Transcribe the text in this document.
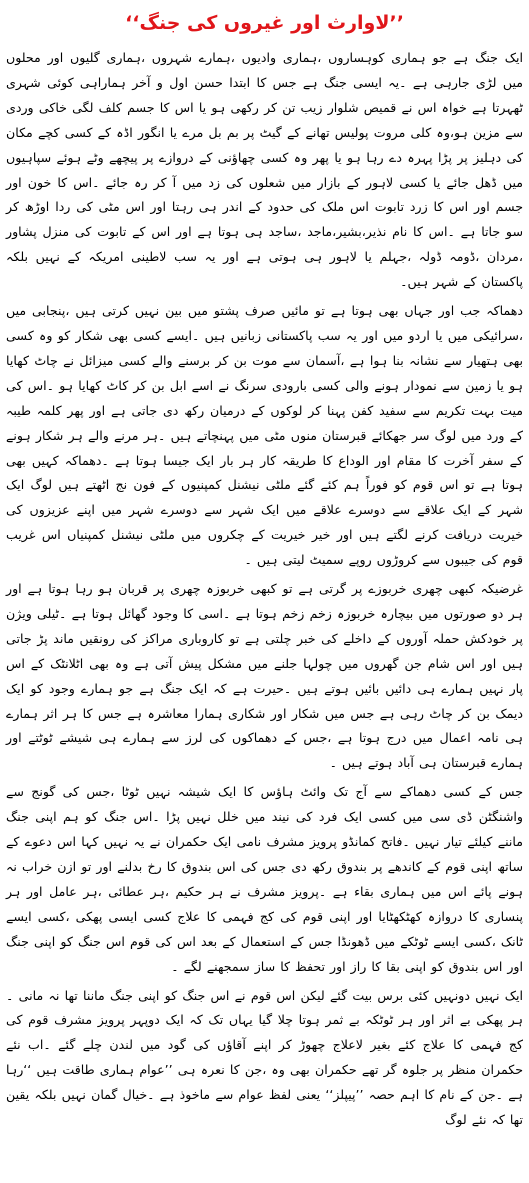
’’لاوارث اور غیروں کی جنگ‘‘

ایک جنگ ہے جو ہماری کوہساروں ،ہماری وادیوں ،ہمارے شہروں ،ہماری گلیوں اور محلوں میں لڑی جارہی ہے ۔یہ ایسی جنگ ہے جس کا ابتدا حسن اول و آخر ہماراہی کوئی شہری ٹھہرتا ہے خواہ اس نے قمیص شلوار زیب تن کر رکھی ہو یا اس کا جسم کلف لگی خاکی وردی سے مزین ہو،وہ کلی مروت پولیس تھانے کے گیٹ پر بم بل مرے یا انگور اڈہ کے کسی کچے مکان کی دہلیز پر پڑا پہرہ دے رہا ہو یا پھر وہ کسی چھاؤنی کے دروازے پر پیچھے وٹے ہوئے سپاہیوں میں ڈھل جائے یا کسی لاہور کے بازار میں شعلوں کی زد میں آ کر رہ جائے ۔اس کا خون اور جسم اور اس کا زرد تابوت اس ملک کی حدود کے اندر ہی رہتا اور اس مٹی کی ردا اوڑھ کر سو جاتا ہے ۔اس کا نام نذیر،بشیر،ماجد ،ساجد ہی ہوتا ہے اور اس کے تابوت کی منزل پشاور ،مردان ،ڈومہ ڈولہ ،جہلم یا لاہور ہی ہوتی ہے اور یہ سب لاطینی امریکہ کے نہیں بلکہ پاکستان کے شہر ہیں۔

دھماکہ جب اور جہاں بھی ہوتا ہے تو مائیں صرف پشتو میں بین نہیں کرتی ہیں ،پنجابی میں ،سرائیکی میں یا اردو میں اور یہ سب پاکستانی زبانیں ہیں ۔ایسے کسی بھی شکار کو وہ کسی بھی ہتھیار سے نشانہ بنا ہوا ہے ،آسمان سے موت بن کر برسنے والے کسی میزائل نے چاٹ کھایا ہو یا زمین سے نمودار ہونے والی کسی بارودی سرنگ نے اسے ابل بن کر کاٹ کھایا ہو ۔اس کی میت بہت تکریم سے سفید کفن پہنا کر لوکوں کے درمیان رکھ دی جاتی ہے اور پھر کلمہ طیبہ کے ورد میں لوگ سر جھکائے قبرستان منوں مٹی میں پہنچاتے ہیں ۔ہر مرنے والے ہر شکار ہونے کے سفر آخرت کا مقام اور الوداع کا طریقہ کار ہر بار ایک جیسا ہوتا ہے ۔دھماکہ کہیں بھی ہوتا ہے تو اس قوم کو فوراً ہم کئے گئے ملٹی نیشنل کمپنیوں کے فون نج اٹھتے ہیں لوگ ایک شہر کے ایک علاقے سے دوسرے علاقے میں ایک شہر سے دوسرے شہر میں اپنے عزیزوں کی خیریت دریافت کرنے لگتے ہیں اور خیر خیریت کے چکروں میں ملٹی نیشنل کمپنیاں اس غریب قوم کی جیبوں سے کروڑوں روپے سمیٹ لیتی ہیں ۔

غرضیکہ کبھی چھری خربوزے پر گرتی ہے تو کبھی خربوزہ چھری پر قربان ہو رہا ہوتا ہے اور ہر دو صورتوں میں بیچارہ خربوزہ زخم زخم ہوتا ہے ۔اسی کا وجود گھائل ہوتا ہے ۔ٹیلی ویژن پر خودکش حملہ آوروں کے داخلے کی خبر چلتی ہے تو کاروباری مراکز کی رونقیں ماند پڑ جاتی ہیں اور اس شام جن گھروں میں چولہا جلنے میں مشکل پیش آتی ہے وہ بھی اٹلانٹک کے اس پار نہیں ہمارے ہی دائیں بائیں ہوتے ہیں ۔حیرت ہے کہ ایک جنگ ہے جو ہمارے وجود کو ایک دیمک بن کر چاٹ رہی ہے جس میں شکار اور شکاری ہمارا معاشرہ ہے جس کا ہر اثر ہمارے ہی نامہ اعمال میں درج ہوتا ہے ،جس کے دھماکوں کی لرز سے ہمارے ہی شیشے ٹوٹتے اور ہمارے قبرستان ہی آباد ہوتے ہیں ۔

جس کے کسی دھماکے سے آج تک وائٹ ہاؤس کا ایک شیشہ نہیں ٹوٹا ،جس کی گونج سے واشنگٹن ڈی سی میں کسی ایک فرد کی نیند میں خلل نہیں پڑا ۔اس جنگ کو ہم اپنی جنگ ماننے کیلئے تیار نہیں ۔فاتح کمانڈو پرویز مشرف نامی ایک حکمران نے یہ نہیں کہا اس دعوے کے ساتھ اپنی قوم کے کاندھے پر بندوق رکھ دی جس کی اس بندوق کا رخ بدلنے اور تو ازن خراب نہ ہونے پائے اس میں ہماری بقاء ہے ۔پرویز مشرف نے ہر حکیم ،ہر عطائی ،ہر عامل اور ہر پنساری کا دروازہ کھٹکھٹایا اور اپنی قوم کی کج فہمی کا علاج کسی ایسی پھکی ،کسی ایسے ٹانک ،کسی ایسے ٹوٹکے میں ڈھونڈا جس کے استعمال کے بعد اس کی قوم اس جنگ کو اپنی جنگ اور اس بندوق کو اپنی بقا کا راز اور تحفظ کا ساز سمجھنے لگے ۔

ایک نہیں دونہیں کئی برس بیت گئے لیکن اس قوم نے اس جنگ کو اپنی جنگ ماننا تھا نہ مانی ۔ہر پھکی بے اثر اور ہر ٹوٹکہ بے ثمر ہوتا چلا گیا یہاں تک کہ ایک دوپہر پرویز مشرف قوم کی کج فہمی کا علاج کئے بغیر لاعلاج چھوڑ کر اپنے آقاؤں کی گود میں لندن چلے گئے ۔اب نئے حکمران منظر پر جلوہ گر تھے حکمران بھی وہ ،جن کا نعرہ ہی ’’عوام ہماری طاقت ہیں ‘‘رہا ہے ۔جن کے نام کا اہم حصہ ’’پیپلز‘‘ یعنی لفظ عوام سے ماخوذ ہے ۔خیال گمان نہیں بلکہ یقین تھا کہ نئے لوگ
